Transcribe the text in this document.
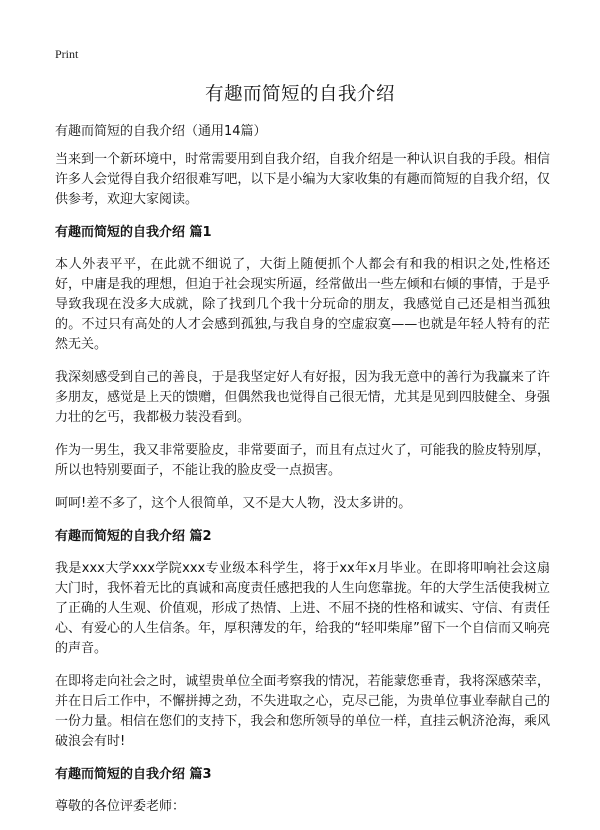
Print
有趣而简短的自我介绍
有趣而简短的自我介绍（通用14篇）

当来到一个新环境中，时常需要用到自我介绍，自我介绍是一种认识自我的手段。相信许多人会觉得自我介绍很难写吧，以下是小编为大家收集的有趣而简短的自我介绍，仅供参考，欢迎大家阅读。

有趣而简短的自我介绍 篇1

本人外表平平，在此就不细说了，大街上随便抓个人都会有和我的相识之处,性格还好，中庸是我的理想，但迫于社会现实所逼，经常做出一些左倾和右倾的事情，于是乎导致我现在没多大成就，除了找到几个我十分玩命的朋友，我感觉自己还是相当孤独的。不过只有高处的人才会感到孤独,与我自身的空虚寂寞——也就是年轻人特有的茫然无关。

我深刻感受到自己的善良，于是我坚定好人有好报，因为我无意中的善行为我赢来了许多朋友，感觉是上天的馈赠，但偶然我也觉得自己很无情，尤其是见到四肢健全、身强力壮的乞丐，我都极力装没看到。

作为一男生，我又非常要脸皮，非常要面子，而且有点过火了，可能我的脸皮特别厚，所以也特别要面子，不能让我的脸皮受一点损害。

呵呵!差不多了，这个人很简单，又不是大人物，没太多讲的。

有趣而简短的自我介绍 篇2

我是xxx大学xxx学院xxx专业级本科学生，将于xx年x月毕业。在即将叩响社会这扇大门时，我怀着无比的真诚和高度责任感把我的人生向您靠拢。年的大学生活使我树立了正确的人生观、价值观，形成了热情、上进、不屈不挠的性格和诚实、守信、有责任心、有爱心的人生信条。年，厚积薄发的年，给我的“轻叩柴扉”留下一个自信而又响亮的声音。

在即将走向社会之时，诚望贵单位全面考察我的情况，若能蒙您垂青，我将深感荣幸，并在日后工作中，不懈拼搏之劲，不失进取之心，克尽己能，为贵单位事业奉献自己的一份力量。相信在您们的支持下，我会和您所领导的单位一样，直挂云帆济沧海，乘风破浪会有时!

有趣而简短的自我介绍 篇3

尊敬的各位评委老师：
